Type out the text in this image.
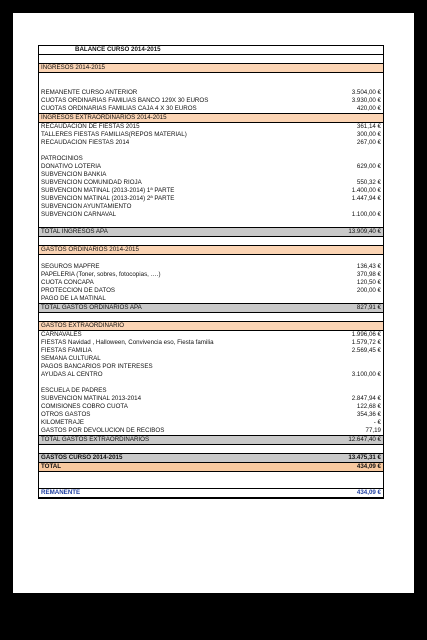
BALANCE CURSO 2014-2015
INGRESOS 2014-2015
REMANENTE CURSO ANTERIOR	3.504,00 €
CUOTAS ORDINARIAS FAMILIAS BANCO 129X 30 EUROS	3.930,00 €
CUOTAS ORDINARIAS FAMILIAS CAJA 4 X 30 EUROS	420,00 €
INGRESOS EXTRAORDINARIOS 2014-2015
RECAUDACIÓN DE FIESTAS 2015	361,14 €
TALLERES FIESTAS FAMILIAS(REPOS MATERIAL)	300,00 €
RECAUDACIÓN FIESTAS 2014	267,00 €
PATROCINIOS
DONATIVO LOTERIA	629,00 €
SUBVENCIÓN BANKIA
SUBVENCIÓN COMUNIDAD RIOJA	550,32 €
SUBVENCION MATINAL (2013-2014) 1ª PARTE	1.400,00 €
SUBVENCION MATINAL (2013-2014) 2ª PARTE	1.447,94 €
SUBVENCIÓN AYUNTAMIENTO
SUBVENCIÓN CARNAVAL	1.100,00 €
TOTAL INGRESOS APA	13.909,40 €
GASTOS ORDINARIOS 2014-2015
SEGUROS MAPFRE	136,43 €
PAPELERIA (Toner, sobres, fotocopias, ….)	370,98 €
CUOTA CONCAPA	120,50 €
PROTECCION DE DATOS	200,00 €
PAGO DE LA MATINAL
TOTAL GASTOS ORDINARIOS APA	827,91 €
GASTOS EXTRAORDINARIO
CARNAVALES	1.996,06 €
FIESTAS Navidad , Halloween, Convivencia eso, Fiesta familia	1.579,72 €
FIESTAS FAMILIA	2.569,45 €
SEMANA CULTURAL
PAGOS BANCARIOS POR INTERESES
AYUDAS AL CENTRO	3.100,00 €
ESCUELA DE PADRES
SUBVENCION MATINAL 2013-2014	2.847,94 €
COMISIONES COBRO CUOTA	122,68 €
OTROS GASTOS	354,36 €
KILOMETRAJE	- €
GASTOS POR DEVOLUCION DE RECIBOS	77,19
TOTAL GASTOS EXTRAORDINARIOS	12.647,40 €
GASTOS CURSO 2014-2015	13.475,31 €
TOTAL	434,09 €
REMANENTE	434,09 €
